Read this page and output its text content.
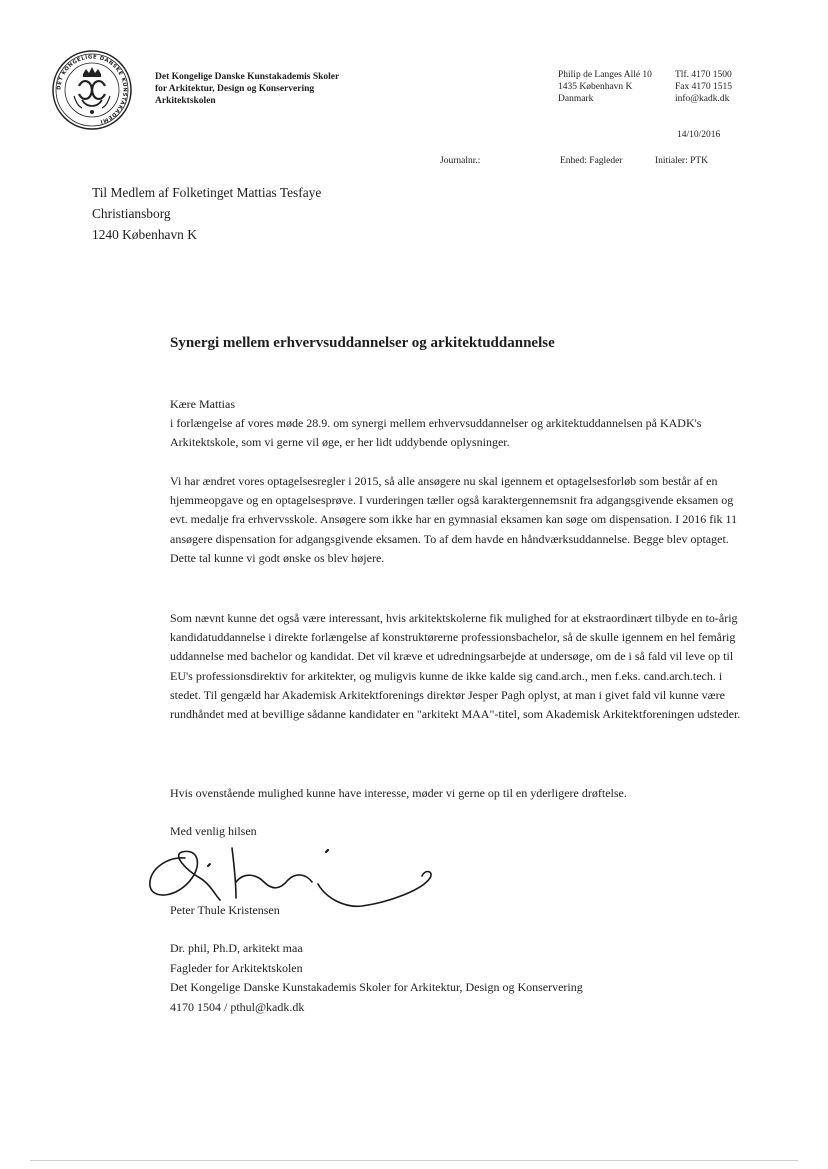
DET KONGELIGE DANSKE KUNSTAKADEMI
Det Kongelige Danske Kunstakademis Skoler
for Arkitektur, Design og Konservering
Arkitektskolen
Philip de Langes Allé 10
1435 København K
Danmark
Tlf. 4170 1500
Fax 4170 1515
info@kadk.dk
14/10/2016
Journalnr.:	Enhed: Fagleder	Initialer: PTK
Til Medlem af Folketinget Mattias Tesfaye
Christiansborg
1240 København K
Synergi mellem erhvervsuddannelser og arkitektuddannelse
Kære Mattias
i forlængelse af vores møde 28.9. om synergi mellem erhvervsuddannelser og arkitektuddannelsen på KADK's Arkitektskole, som vi gerne vil øge, er her lidt uddybende oplysninger.
Vi har ændret vores optagelsesregler i 2015, så alle ansøgere nu skal igennem et optagelsesforløb som består af en hjemmeopgave og en optagelsesprøve. I vurderingen tæller også karaktergennemsnit fra adgangsgivende eksamen og evt. medalje fra erhvervsskole. Ansøgere som ikke har en gymnasial eksamen kan søge om dispensation. I 2016 fik 11 ansøgere dispensation for adgangsgivende eksamen. To af dem havde en håndværksuddannelse. Begge blev optaget. Dette tal kunne vi godt ønske os blev højere.
Som nævnt kunne det også være interessant, hvis arkitektskolerne fik mulighed for at ekstraordinært tilbyde en to-årig kandidatuddannelse i direkte forlængelse af konstruktørerne professionsbachelor, så de skulle igennem en hel femårig uddannelse med bachelor og kandidat. Det vil kræve et udredningsarbejde at undersøge, om de i så fald vil leve op til EU's professionsdirektiv for arkitekter, og muligvis kunne de ikke kalde sig cand.arch., men f.eks. cand.arch.tech. i stedet. Til gengæld har Akademisk Arkitektforenings direktør Jesper Pagh oplyst, at man i givet fald vil kunne være rundhåndet med at bevillige sådanne kandidater en "arkitekt MAA"-titel, som Akademisk Arkitektforeningen udsteder.
Hvis ovenstående mulighed kunne have interesse, møder vi gerne op til en yderligere drøftelse.
Med venlig hilsen
Peter Thule Kristensen
Dr. phil, Ph.D, arkitekt maa
Fagleder for Arkitektskolen
Det Kongelige Danske Kunstakademis Skoler for Arkitektur, Design og Konservering
4170 1504 / pthul@kadk.dk
